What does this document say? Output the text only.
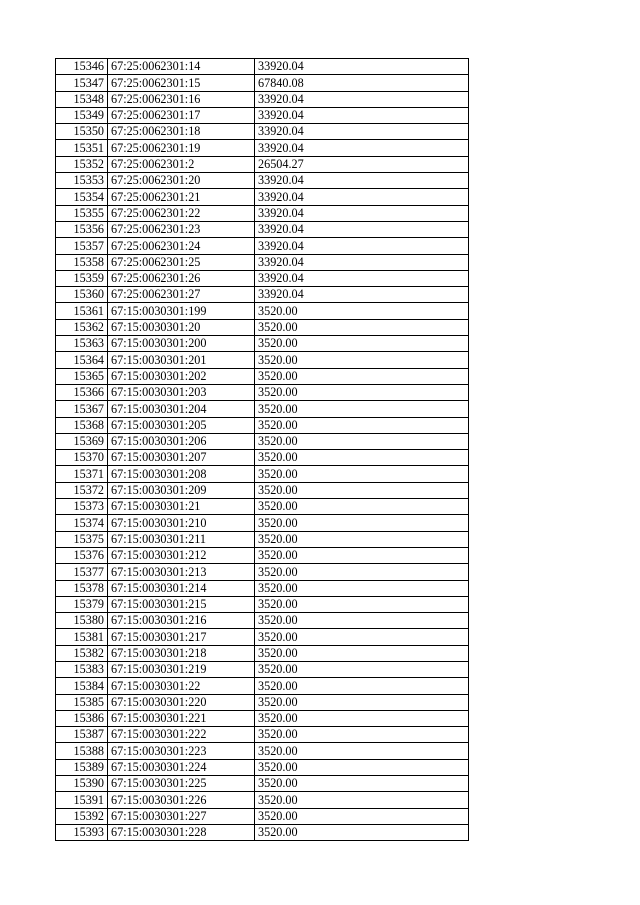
15346	67:25:0062301:14	33920.04
15347	67:25:0062301:15	67840.08
15348	67:25:0062301:16	33920.04
15349	67:25:0062301:17	33920.04
15350	67:25:0062301:18	33920.04
15351	67:25:0062301:19	33920.04
15352	67:25:0062301:2	26504.27
15353	67:25:0062301:20	33920.04
15354	67:25:0062301:21	33920.04
15355	67:25:0062301:22	33920.04
15356	67:25:0062301:23	33920.04
15357	67:25:0062301:24	33920.04
15358	67:25:0062301:25	33920.04
15359	67:25:0062301:26	33920.04
15360	67:25:0062301:27	33920.04
15361	67:15:0030301:199	3520.00
15362	67:15:0030301:20	3520.00
15363	67:15:0030301:200	3520.00
15364	67:15:0030301:201	3520.00
15365	67:15:0030301:202	3520.00
15366	67:15:0030301:203	3520.00
15367	67:15:0030301:204	3520.00
15368	67:15:0030301:205	3520.00
15369	67:15:0030301:206	3520.00
15370	67:15:0030301:207	3520.00
15371	67:15:0030301:208	3520.00
15372	67:15:0030301:209	3520.00
15373	67:15:0030301:21	3520.00
15374	67:15:0030301:210	3520.00
15375	67:15:0030301:211	3520.00
15376	67:15:0030301:212	3520.00
15377	67:15:0030301:213	3520.00
15378	67:15:0030301:214	3520.00
15379	67:15:0030301:215	3520.00
15380	67:15:0030301:216	3520.00
15381	67:15:0030301:217	3520.00
15382	67:15:0030301:218	3520.00
15383	67:15:0030301:219	3520.00
15384	67:15:0030301:22	3520.00
15385	67:15:0030301:220	3520.00
15386	67:15:0030301:221	3520.00
15387	67:15:0030301:222	3520.00
15388	67:15:0030301:223	3520.00
15389	67:15:0030301:224	3520.00
15390	67:15:0030301:225	3520.00
15391	67:15:0030301:226	3520.00
15392	67:15:0030301:227	3520.00
15393	67:15:0030301:228	3520.00
